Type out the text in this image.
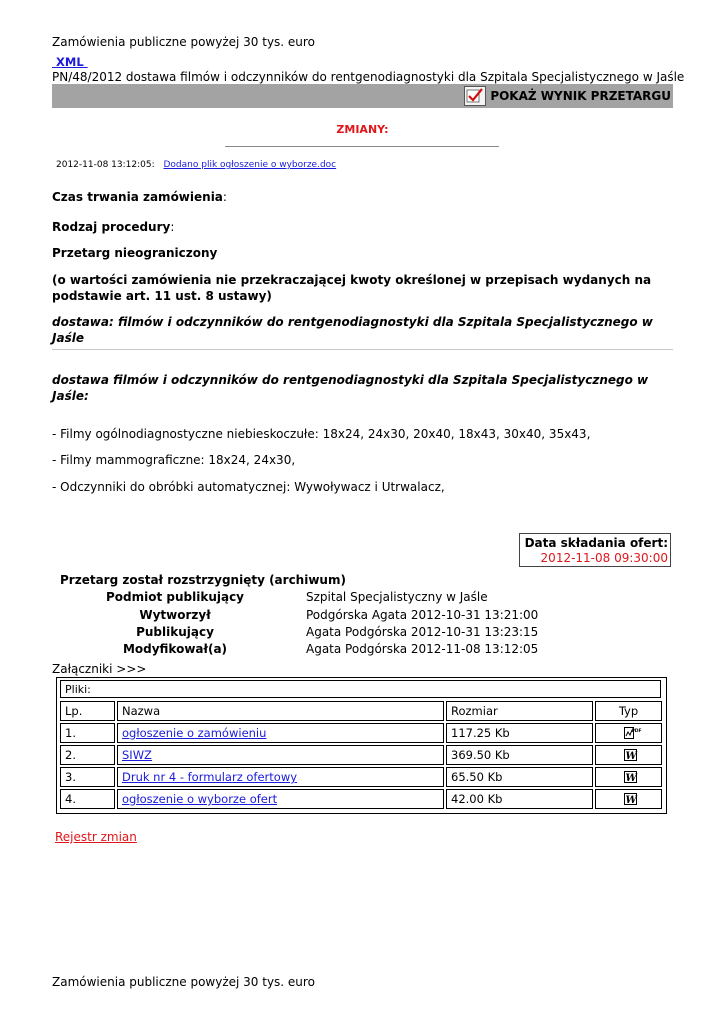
Zamówienia publiczne powyżej 30 tys. euro
XML
PN/48/2012 dostawa filmów i odczynników do rentgenodiagnostyki dla Szpitala Specjalistycznego w Jaśle
POKAŻ WYNIK PRZETARGU
ZMIANY:
2012-11-08 13:12:05: Dodano plik ogłoszenie o wyborze.doc
Czas trwania zamówienia:
Rodzaj procedury:
Przetarg nieograniczony
(o wartości zamówienia nie przekraczającej kwoty określonej w przepisach wydanych na podstawie art. 11 ust. 8 ustawy)
dostawa: filmów i odczynników do rentgenodiagnostyki dla Szpitala Specjalistycznego w Jaśle
dostawa filmów i odczynników do rentgenodiagnostyki dla Szpitala Specjalistycznego w Jaśle:
- Filmy ogólnodiagnostyczne niebieskoczułe: 18x24, 24x30, 20x40, 18x43, 30x40, 35x43,
- Filmy mammograficzne: 18x24, 24x30,
- Odczynniki do obróbki automatycznej: Wywoływacz i Utrwalacz,
Data składania ofert:
2012-11-08 09:30:00
Przetarg został rozstrzygnięty (archiwum)
Podmiot publikujący	Szpital Specjalistyczny w Jaśle
Wytworzył	Podgórska Agata 2012-10-31 13:21:00
Publikujący	Agata Podgórska 2012-10-31 13:23:15
Modyfikował(a)	Agata Podgórska 2012-11-08 13:12:05
Załączniki >>>
Pliki:
Lp.	Nazwa	Rozmiar	Typ
1.	ogłoszenie o zamówieniu	117.25 Kb	PDF
2.	SIWZ	369.50 Kb	W
3.	Druk nr 4 - formularz ofertowy	65.50 Kb	W
4.	ogłoszenie o wyborze ofert	42.00 Kb	W
Rejestr zmian
Zamówienia publiczne powyżej 30 tys. euro
